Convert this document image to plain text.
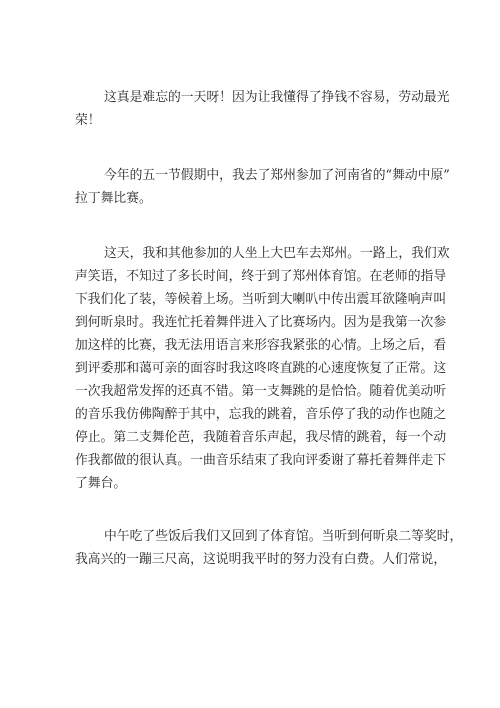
这真是难忘的一天呀！因为让我懂得了挣钱不容易，劳动最光
荣！

今年的五一节假期中，我去了郑州参加了河南省的“舞动中原”
拉丁舞比赛。

这天，我和其他参加的人坐上大巴车去郑州。一路上，我们欢
声笑语，不知过了多长时间，终于到了郑州体育馆。在老师的指导
下我们化了装，等候着上场。当听到大喇叭中传出震耳欲隆响声叫
到何昕泉时。我连忙托着舞伴进入了比赛场内。因为是我第一次参
加这样的比赛，我无法用语言来形容我紧张的心情。上场之后，看
到评委那和蔼可亲的面容时我这咚咚直跳的心速度恢复了正常。这
一次我超常发挥的还真不错。第一支舞跳的是恰恰。随着优美动听
的音乐我仿佛陶醉于其中，忘我的跳着，音乐停了我的动作也随之
停止。第二支舞伦芭，我随着音乐声起，我尽情的跳着，每一个动
作我都做的很认真。一曲音乐结束了我向评委谢了幕托着舞伴走下
了舞台。

中午吃了些饭后我们又回到了体育馆。当听到何昕泉二等奖时，
我高兴的一蹦三尺高，这说明我平时的努力没有白费。人们常说，
